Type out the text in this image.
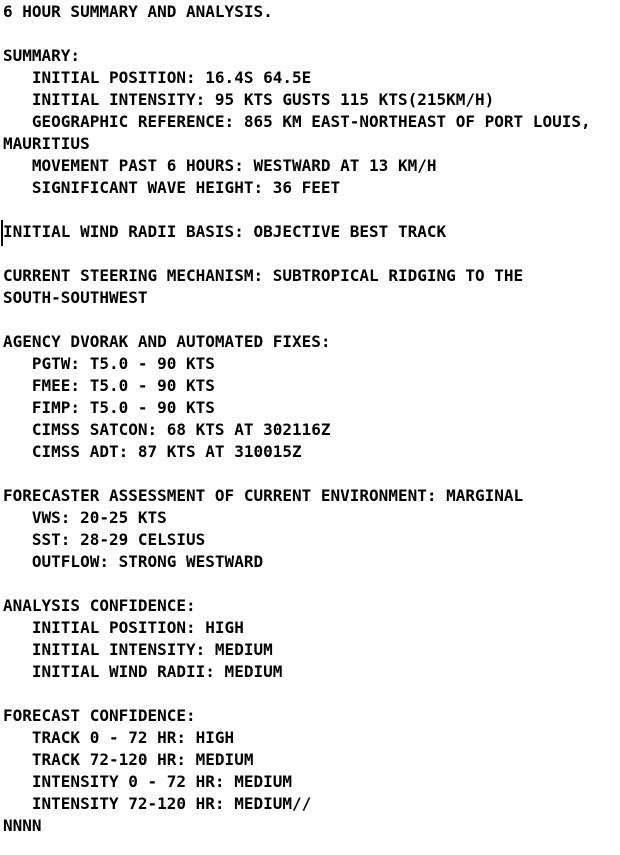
6 HOUR SUMMARY AND ANALYSIS.
SUMMARY:
INITIAL POSITION: 16.4S 64.5E
INITIAL INTENSITY: 95 KTS GUSTS 115 KTS(215KM/H)
GEOGRAPHIC REFERENCE: 865 KM EAST-NORTHEAST OF PORT LOUIS,
MAURITIUS
MOVEMENT PAST 6 HOURS: WESTWARD AT 13 KM/H
SIGNIFICANT WAVE HEIGHT: 36 FEET
INITIAL WIND RADII BASIS: OBJECTIVE BEST TRACK
CURRENT STEERING MECHANISM: SUBTROPICAL RIDGING TO THE
SOUTH-SOUTHWEST
AGENCY DVORAK AND AUTOMATED FIXES:
PGTW: T5.0 - 90 KTS
FMEE: T5.0 - 90 KTS
FIMP: T5.0 - 90 KTS
CIMSS SATCON: 68 KTS AT 302116Z
CIMSS ADT: 87 KTS AT 310015Z
FORECASTER ASSESSMENT OF CURRENT ENVIRONMENT: MARGINAL
VWS: 20-25 KTS
SST: 28-29 CELSIUS
OUTFLOW: STRONG WESTWARD
ANALYSIS CONFIDENCE:
INITIAL POSITION: HIGH
INITIAL INTENSITY: MEDIUM
INITIAL WIND RADII: MEDIUM
FORECAST CONFIDENCE:
TRACK 0 - 72 HR: HIGH
TRACK 72-120 HR: MEDIUM
INTENSITY 0 - 72 HR: MEDIUM
INTENSITY 72-120 HR: MEDIUM//
NNNN
